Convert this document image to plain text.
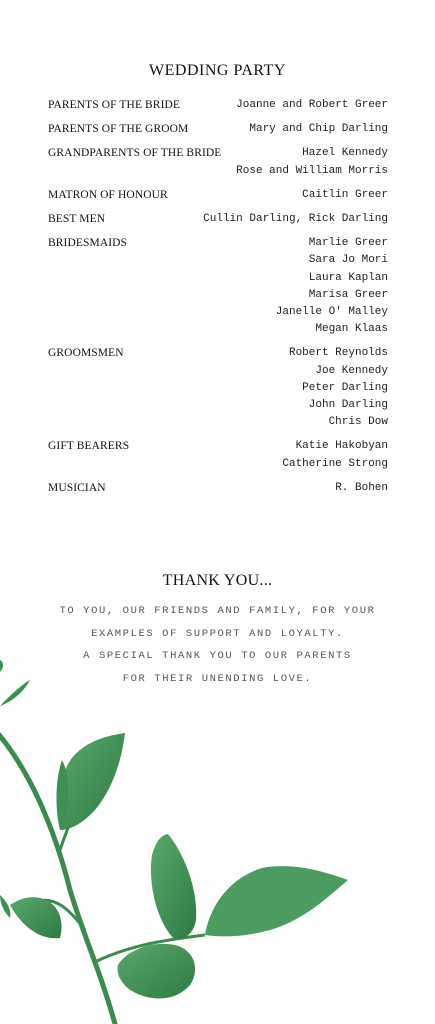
WEDDING PARTY
PARENTS OF THE BRIDE	Joanne and Robert Greer
PARENTS OF THE GROOM	Mary and Chip Darling
GRANDPARENTS OF THE BRIDE	Hazel Kennedy
Rose and William Morris
MATRON OF HONOUR	Caitlin Greer
BEST MEN	Cullin Darling, Rick Darling
BRIDESMAIDS	Marlie Greer
Sara Jo Mori
Laura Kaplan
Marisa Greer
Janelle O' Malley
Megan Klaas
GROOMSMEN	Robert Reynolds
Joe Kennedy
Peter Darling
John Darling
Chris Dow
GIFT BEARERS	Katie Hakobyan
Catherine Strong
MUSICIAN	R. Bohen
THANK YOU...
TO YOU, OUR FRIENDS AND FAMILY, FOR YOUR
EXAMPLES OF SUPPORT AND LOYALTY.
A SPECIAL THANK YOU TO OUR PARENTS
FOR THEIR UNENDING LOVE.
